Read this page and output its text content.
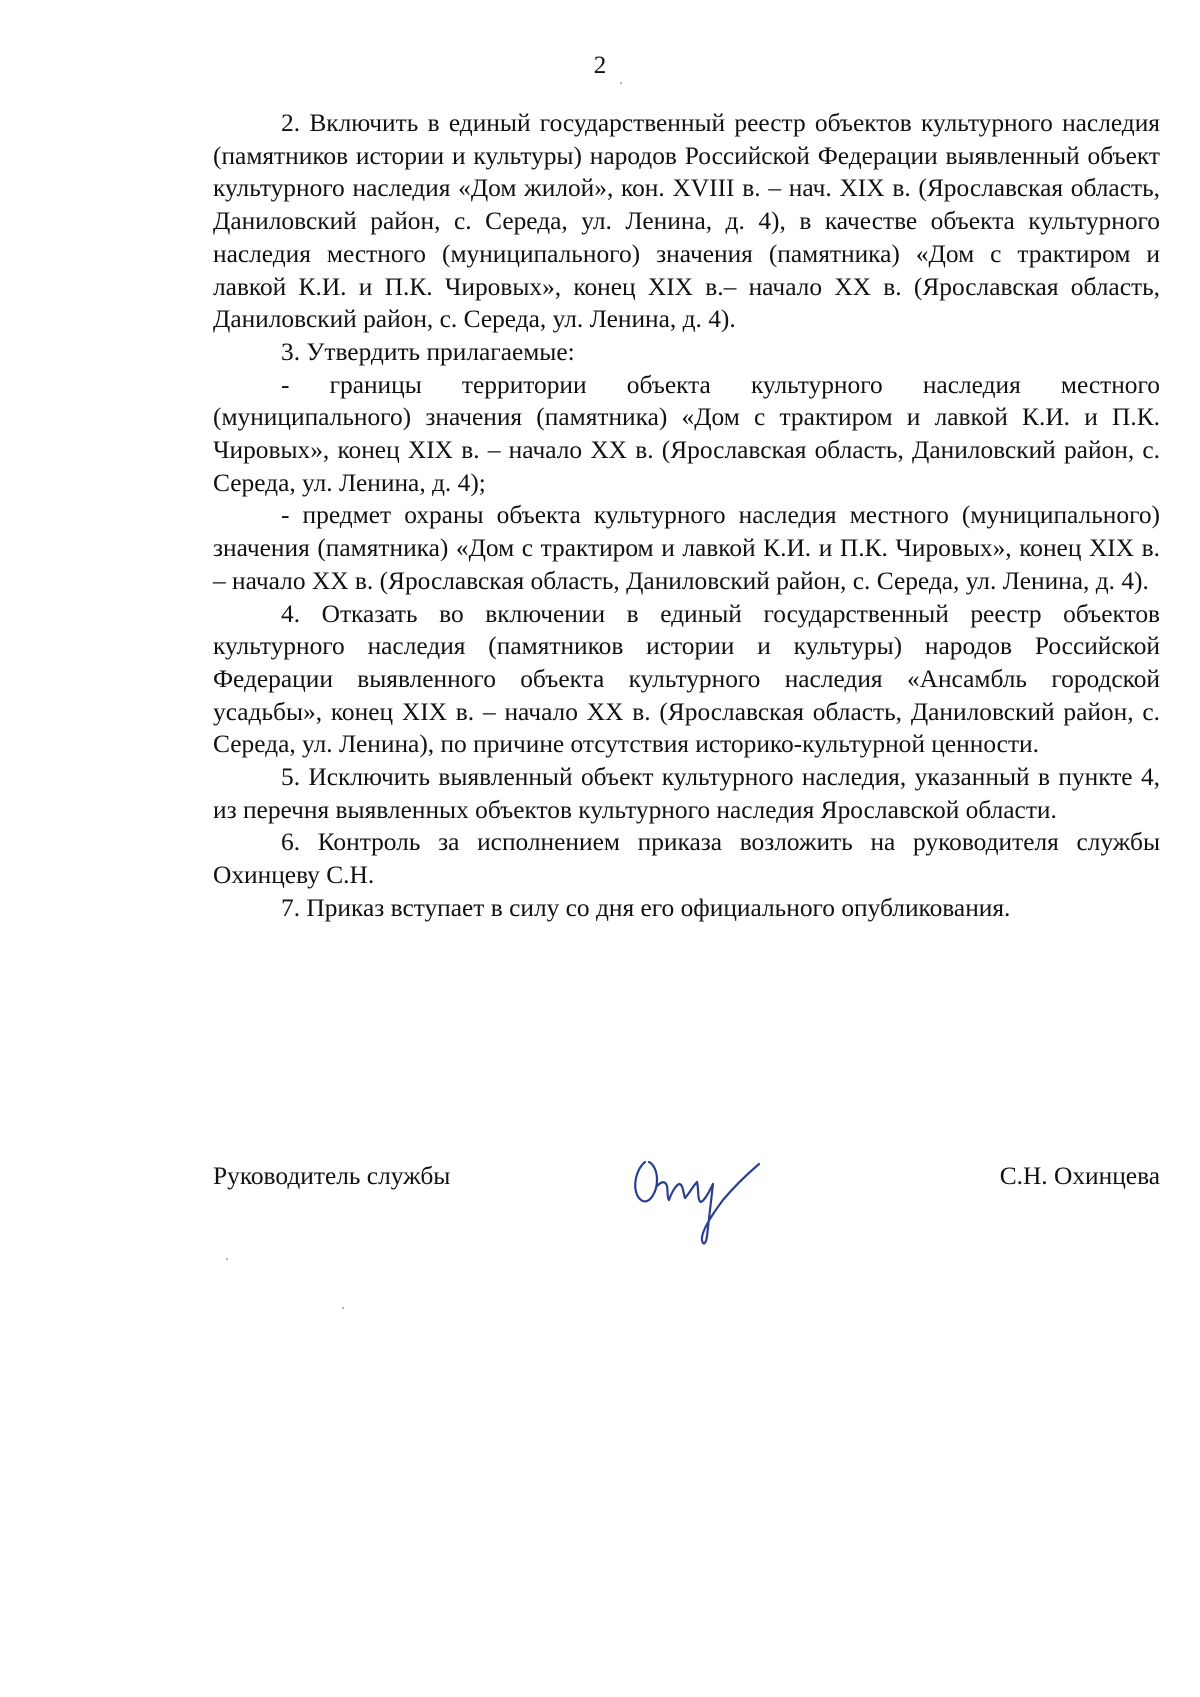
2

2. Включить в единый государственный реестр объектов культурного наследия (памятников истории и культуры) народов Российской Федерации выявленный объект культурного наследия «Дом жилой», кон. XVIII в. – нач. XIX в. (Ярославская область, Даниловский район, с. Середа, ул. Ленина, д. 4), в качестве объекта культурного наследия местного (муниципального) значения (памятника) «Дом с трактиром и лавкой К.И. и П.К. Чировых», конец XIX в.– начало XX в. (Ярославская область, Даниловский район, с. Середа, ул. Ленина, д. 4).

3. Утвердить прилагаемые:

- границы территории объекта культурного наследия местного (муниципального) значения (памятника) «Дом с трактиром и лавкой К.И. и П.К. Чировых», конец XIX в. – начало XX в. (Ярославская область, Даниловский район, с. Середа, ул. Ленина, д. 4);

- предмет охраны объекта культурного наследия местного (муниципального) значения (памятника) «Дом с трактиром и лавкой К.И. и П.К. Чировых», конец XIX в. – начало XX в. (Ярославская область, Даниловский район, с. Середа, ул. Ленина, д. 4).

4. Отказать во включении в единый государственный реестр объектов культурного наследия (памятников истории и культуры) народов Российской Федерации выявленного объекта культурного наследия «Ансамбль городской усадьбы», конец XIX в. – начало XX в. (Ярославская область, Даниловский район, с. Середа, ул. Ленина), по причине отсутствия историко-культурной ценности.

5. Исключить выявленный объект культурного наследия, указанный в пункте 4, из перечня выявленных объектов культурного наследия Ярославской области.

6. Контроль за исполнением приказа возложить на руководителя службы Охинцеву С.Н.

7. Приказ вступает в силу со дня его официального опубликования.

Руководитель службы	С.Н. Охинцева
